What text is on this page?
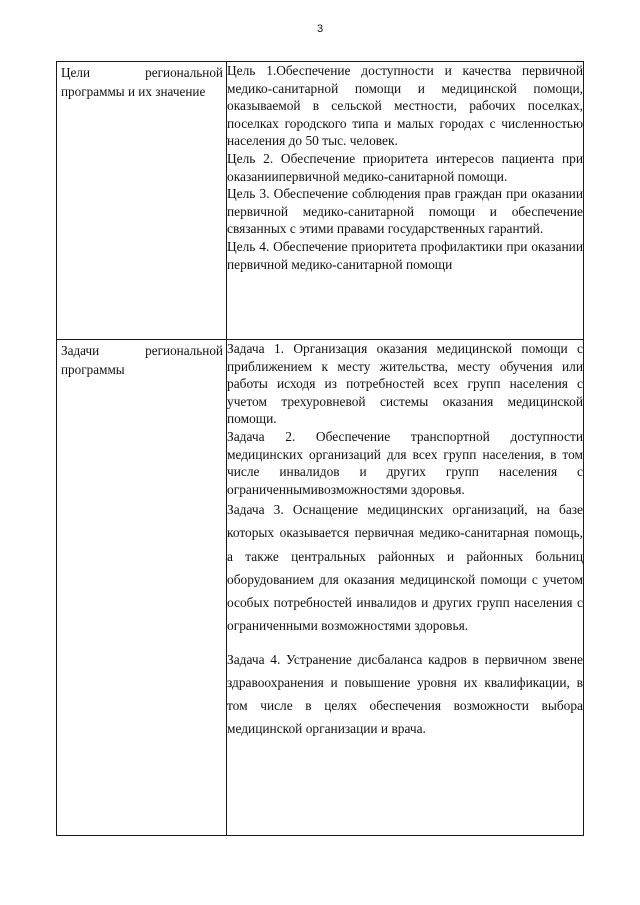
3
Цели региональной программы и их значение	Цель 1.Обеспечение доступности и качества первичной медико-санитарной помощи и медицинской помощи, оказываемой в сельской местности, рабочих поселках, поселках городского типа и малых городах с численностью населения до 50 тыс. человек.

Цель 2. Обеспечение приоритета интересов пациента при оказаниипервичной медико-санитарной помощи.

Цель 3. Обеспечение соблюдения прав граждан при оказании первичной медико-санитарной помощи и обеспечение связанных с этими правами государственных гарантий.

Цель 4. Обеспечение приоритета профилактики при оказании первичной медико-санитарной помощи

Задачи региональной программы	Задача 1. Организация оказания медицинской помощи с приближением к месту жительства, месту обучения или работы исходя из потребностей всех групп населения с учетом трехуровневой системы оказания медицинской помощи.

Задача 2. Обеспечение транспортной доступности медицинских организаций для всех групп населения, в том числе инвалидов и других групп населения с ограниченнымивозможностями здоровья.

Задача 3. Оснащение медицинских организаций, на базе которых оказывается первичная медико-санитарная помощь, а также центральных районных и районных больниц оборудованием для оказания медицинской помощи с учетом особых потребностей инвалидов и других групп населения с ограниченными возможностями здоровья.

Задача 4. Устранение дисбаланса кадров в первичном звене здравоохранения и повышение уровня их квалификации, в том числе в целях обеспечения возможности выбора медицинской организации и врача.
